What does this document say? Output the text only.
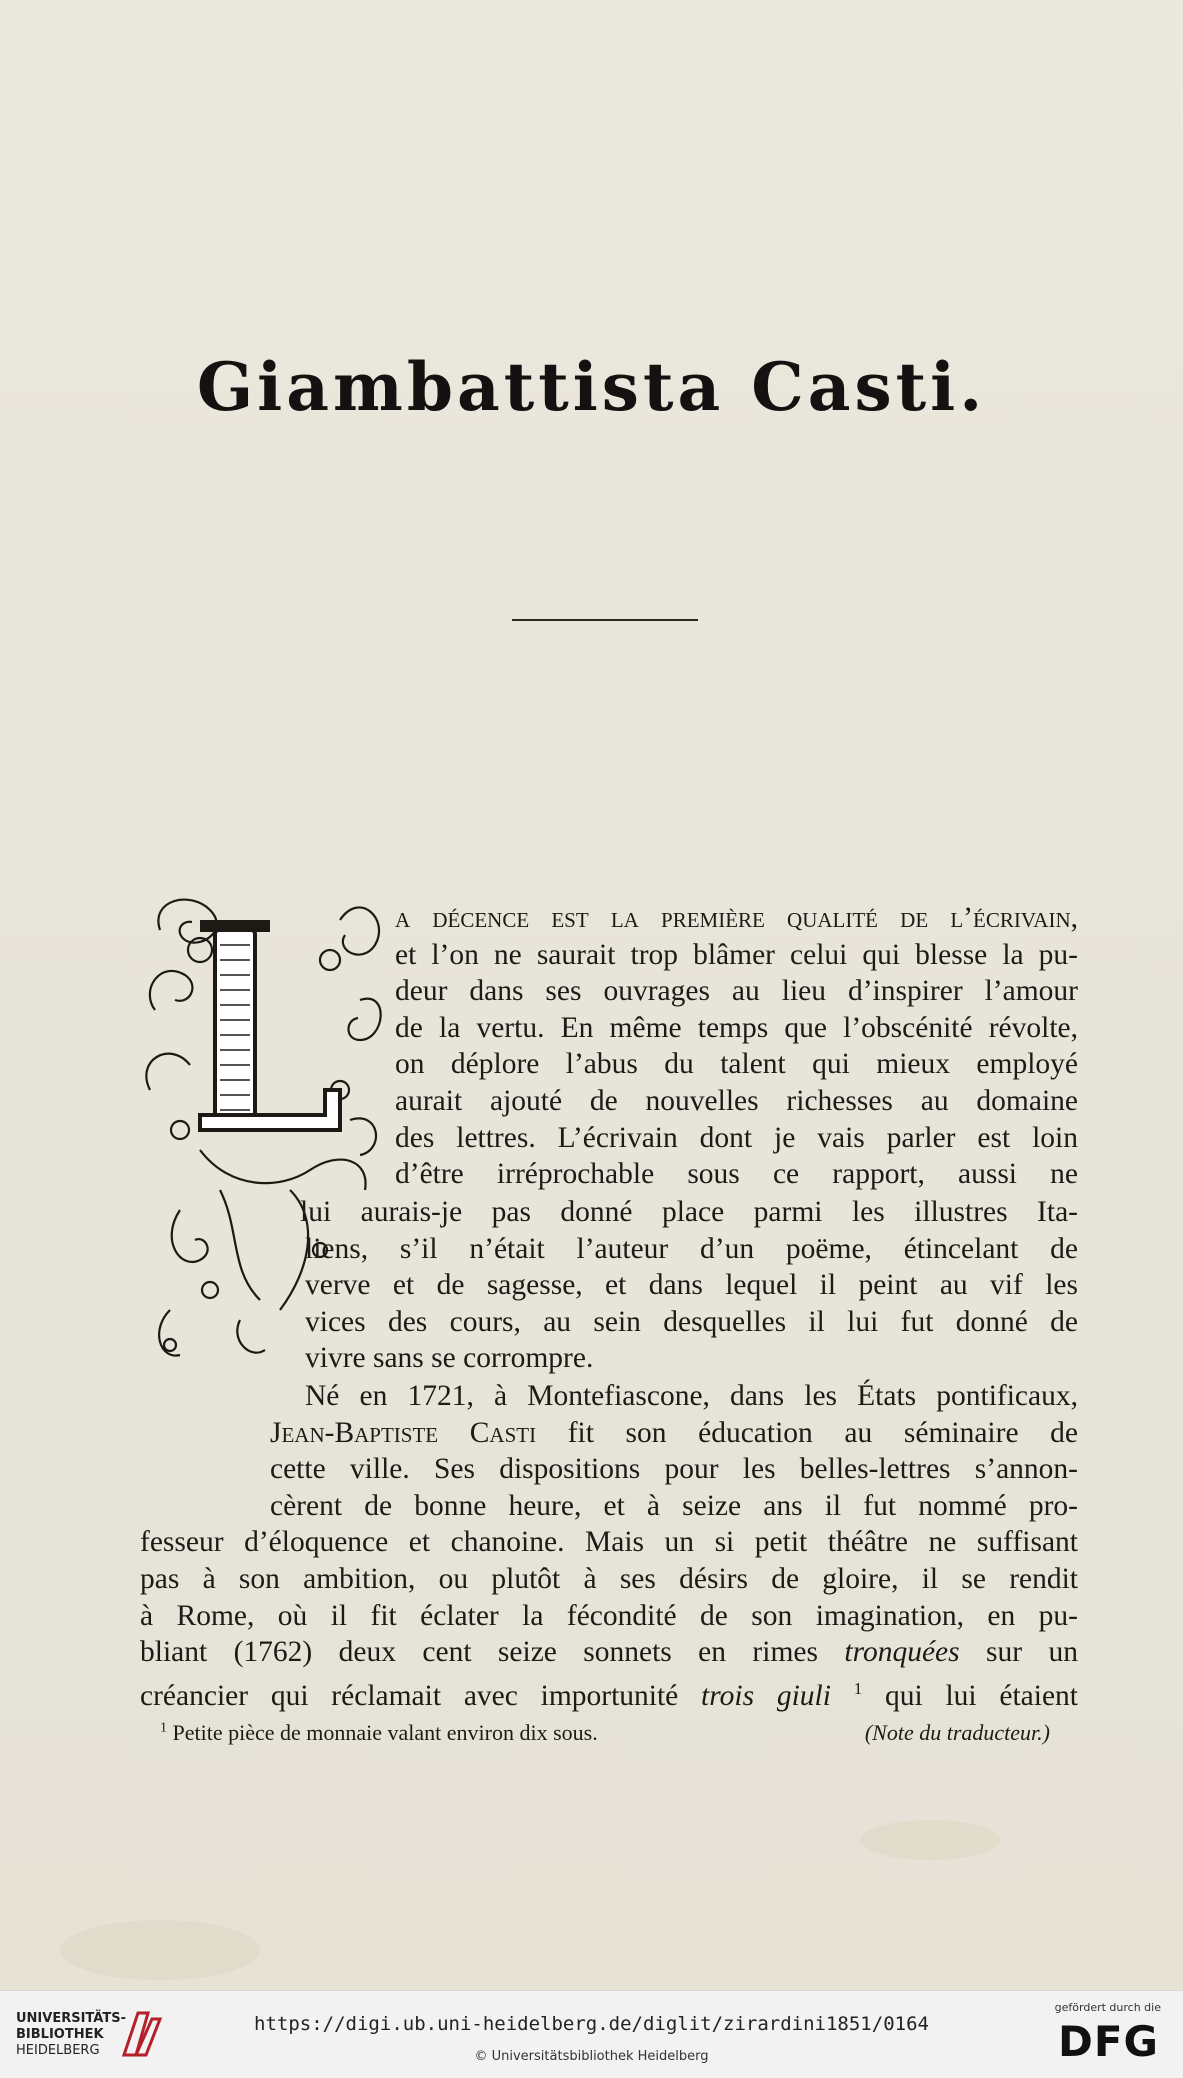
Giambattista Casti.
a décence est la première qualité de l’écrivain,
et l’on ne saurait trop blâmer celui qui blesse la pu-
deur dans ses ouvrages au lieu d’inspirer l’amour
de la vertu. En même temps que l’obscénité révolte,
on déplore l’abus du talent qui mieux employé
aurait ajouté de nouvelles richesses au domaine
des lettres. L’écrivain dont je vais parler est loin
d’être irréprochable sous ce rapport, aussi ne
lui aurais-je pas donné place parmi les illustres Ita-
liens, s’il n’était l’auteur d’un poëme, étincelant de
verve et de sagesse, et dans lequel il peint au vif les
vices des cours, au sein desquelles il lui fut donné de
vivre sans se corrompre.
Né en 1721, à Montefiascone, dans les États pontificaux,
Jean-Baptiste Casti fit son éducation au séminaire de
cette ville. Ses dispositions pour les belles-lettres s’annon-
cèrent de bonne heure, et à seize ans il fut nommé pro-
fesseur d’éloquence et chanoine. Mais un si petit théâtre ne suffisant
pas à son ambition, ou plutôt à ses désirs de gloire, il se rendit
à Rome, où il fit éclater la fécondité de son imagination, en pu-
bliant (1762) deux cent seize sonnets en rimes tronquées sur un
créancier qui réclamait avec importunité trois giuli $^1$ qui lui étaient
$^1$ Petite pièce de monnaie valant environ dix sous.	(Note du traducteur.)
UNIVERSITÄTS-
BIBLIOTHEK
HEIDELBERG
https://digi.ub.uni-heidelberg.de/diglit/zirardini1851/0164
© Universitätsbibliothek Heidelberg
gefördert durch die
DFG
